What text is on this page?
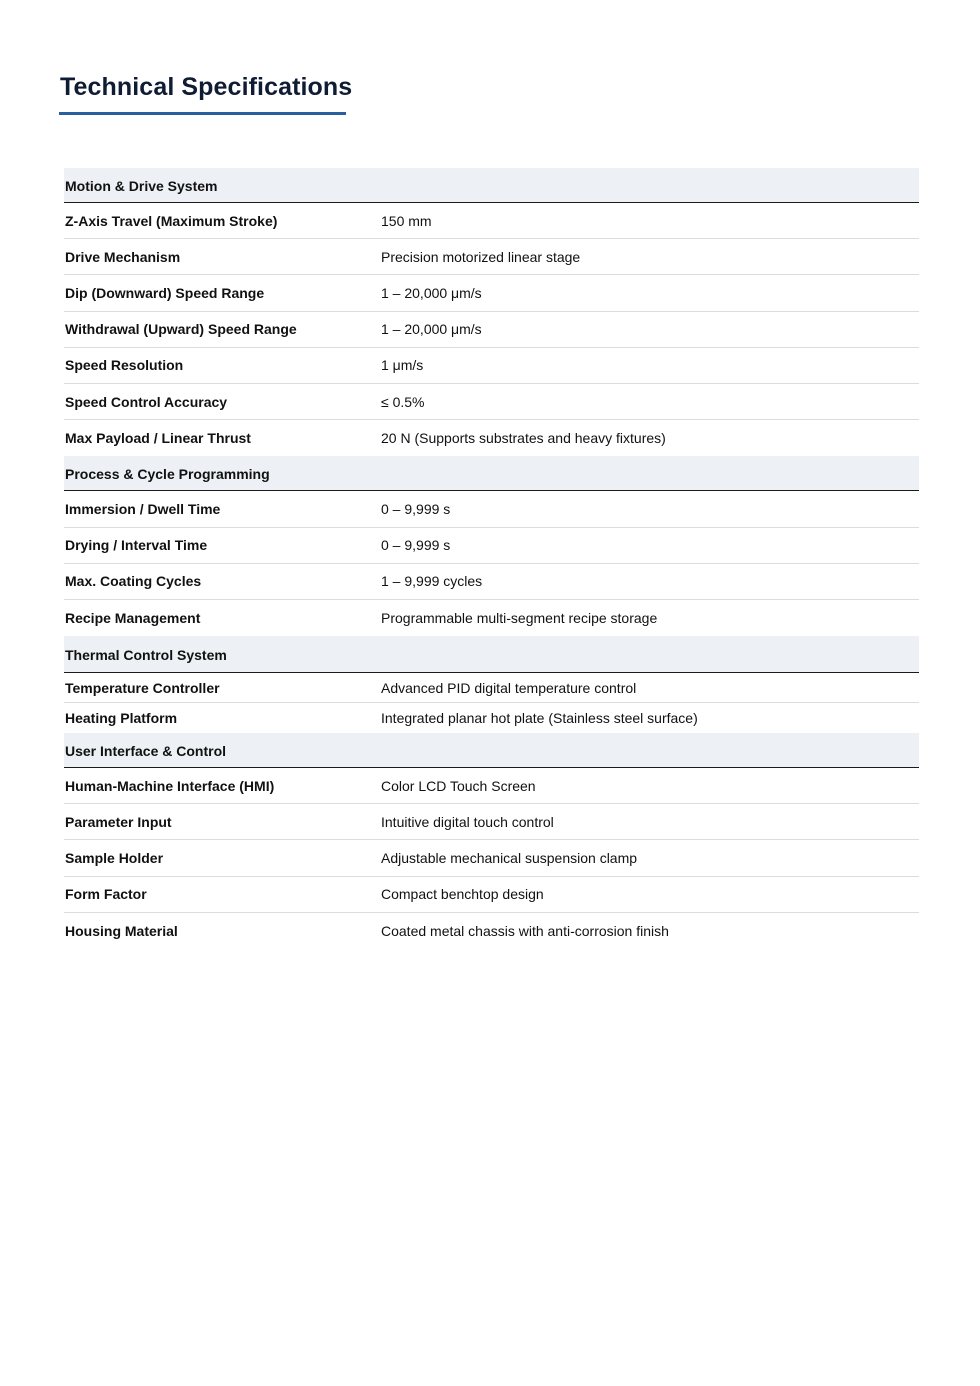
Technical Specifications
Motion & Drive System
Z-Axis Travel (Maximum Stroke)	150 mm
Drive Mechanism	Precision motorized linear stage
Dip (Downward) Speed Range	1 – 20,000 μm/s
Withdrawal (Upward) Speed Range	1 – 20,000 μm/s
Speed Resolution	1 μm/s
Speed Control Accuracy	≤ 0.5%
Max Payload / Linear Thrust	20 N (Supports substrates and heavy fixtures)
Process & Cycle Programming
Immersion / Dwell Time	0 – 9,999 s
Drying / Interval Time	0 – 9,999 s
Max. Coating Cycles	1 – 9,999 cycles
Recipe Management	Programmable multi-segment recipe storage
Thermal Control System
Temperature Controller	Advanced PID digital temperature control
Heating Platform	Integrated planar hot plate (Stainless steel surface)
User Interface & Control
Human-Machine Interface (HMI)	Color LCD Touch Screen
Parameter Input	Intuitive digital touch control
Sample Holder	Adjustable mechanical suspension clamp
Form Factor	Compact benchtop design
Housing Material	Coated metal chassis with anti-corrosion finish
